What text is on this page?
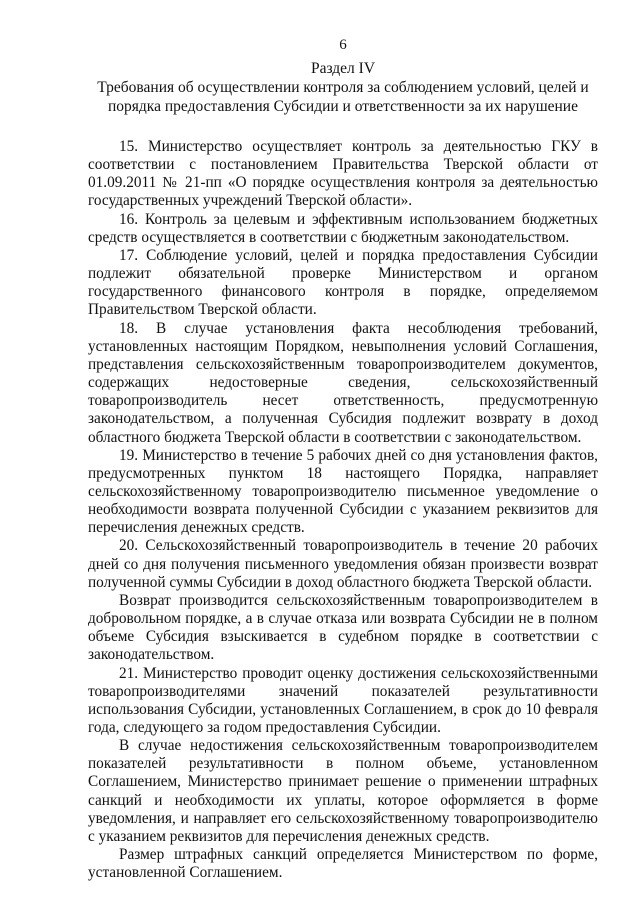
6
Раздел IV
Требования об осуществлении контроля за соблюдением условий, целей и порядка предоставления Субсидии и ответственности за их нарушение

15. Министерство осуществляет контроль за деятельностью ГКУ в соответствии с постановлением Правительства Тверской области от 01.09.2011 № 21-пп «О порядке осуществления контроля за деятельностью государственных учреждений Тверской области».

16. Контроль за целевым и эффективным использованием бюджетных средств осуществляется в соответствии с бюджетным законодательством.

17. Соблюдение условий, целей и порядка предоставления Субсидии подлежит обязательной проверке Министерством и органом государственного финансового контроля в порядке, определяемом Правительством Тверской области.

18. В случае установления факта несоблюдения требований, установленных настоящим Порядком, невыполнения условий Соглашения, представления сельскохозяйственным товаропроизводителем документов, содержащих недостоверные сведения, сельскохозяйственный товаропроизводитель несет ответственность, предусмотренную законодательством, а полученная Субсидия подлежит возврату в доход областного бюджета Тверской области в соответствии с законодательством.

19. Министерство в течение 5 рабочих дней со дня установления фактов, предусмотренных пунктом 18 настоящего Порядка, направляет сельскохозяйственному товаропроизводителю письменное уведомление о необходимости возврата полученной Субсидии с указанием реквизитов для перечисления денежных средств.

20. Сельскохозяйственный товаропроизводитель в течение 20 рабочих дней со дня получения письменного уведомления обязан произвести возврат полученной суммы Субсидии в доход областного бюджета Тверской области.

Возврат производится сельскохозяйственным товаропроизводителем в добровольном порядке, а в случае отказа или возврата Субсидии не в полном объеме Субсидия взыскивается в судебном порядке в соответствии с законодательством.

21. Министерство проводит оценку достижения сельскохозяйственными товаропроизводителями значений показателей результативности использования Субсидии, установленных Соглашением, в срок до 10 февраля года, следующего за годом предоставления Субсидии.

В случае недостижения сельскохозяйственным товаропроизводителем показателей результативности в полном объеме, установленном Соглашением, Министерство принимает решение о применении штрафных санкций и необходимости их уплаты, которое оформляется в форме уведомления, и направляет его сельскохозяйственному товаропроизводителю с указанием реквизитов для перечисления денежных средств.

Размер штрафных санкций определяется Министерством по форме, установленной Соглашением.
